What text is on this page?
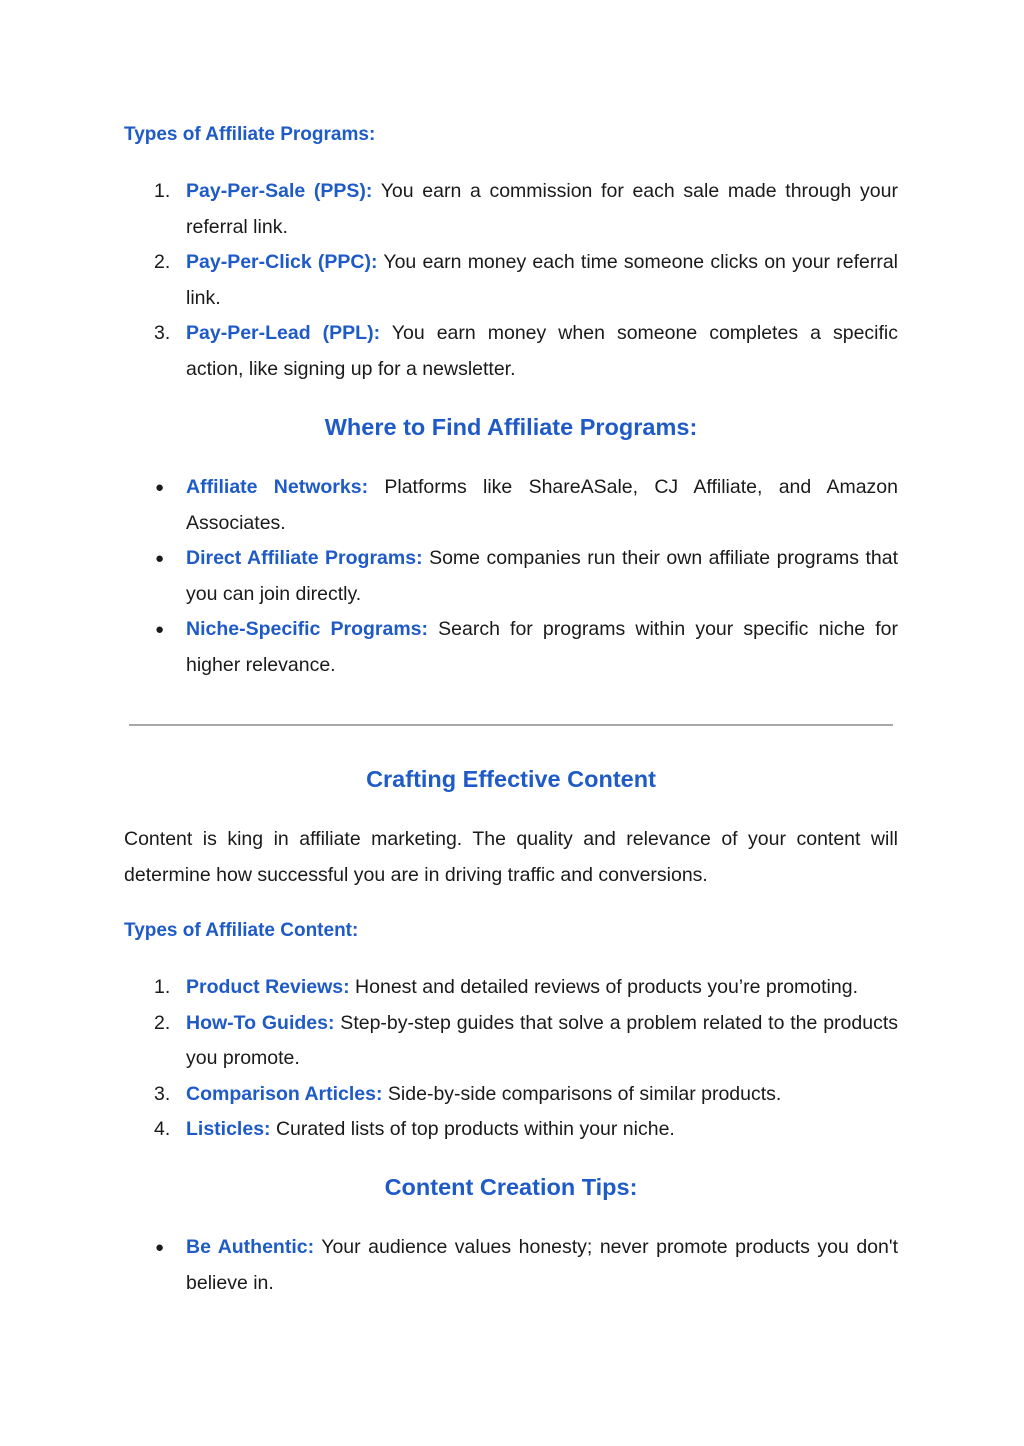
Types of Affiliate Programs:
1. Pay-Per-Sale (PPS): You earn a commission for each sale made through your referral link.
2. Pay-Per-Click (PPC): You earn money each time someone clicks on your referral link.
3. Pay-Per-Lead (PPL): You earn money when someone completes a specific action, like signing up for a newsletter.
Where to Find Affiliate Programs:
●	Affiliate Networks: Platforms like ShareASale, CJ Affiliate, and Amazon Associates.
●	Direct Affiliate Programs: Some companies run their own affiliate programs that you can join directly.
●	Niche-Specific Programs: Search for programs within your specific niche for higher relevance.
Crafting Effective Content

Content is king in affiliate marketing. The quality and relevance of your content will determine how successful you are in driving traffic and conversions.

Types of Affiliate Content:
1. Product Reviews: Honest and detailed reviews of products you’re promoting.
2. How-To Guides: Step-by-step guides that solve a problem related to the products you promote.
3. Comparison Articles: Side-by-side comparisons of similar products.
4. Listicles: Curated lists of top products within your niche.
Content Creation Tips:
●	Be Authentic: Your audience values honesty; never promote products you don't believe in.
